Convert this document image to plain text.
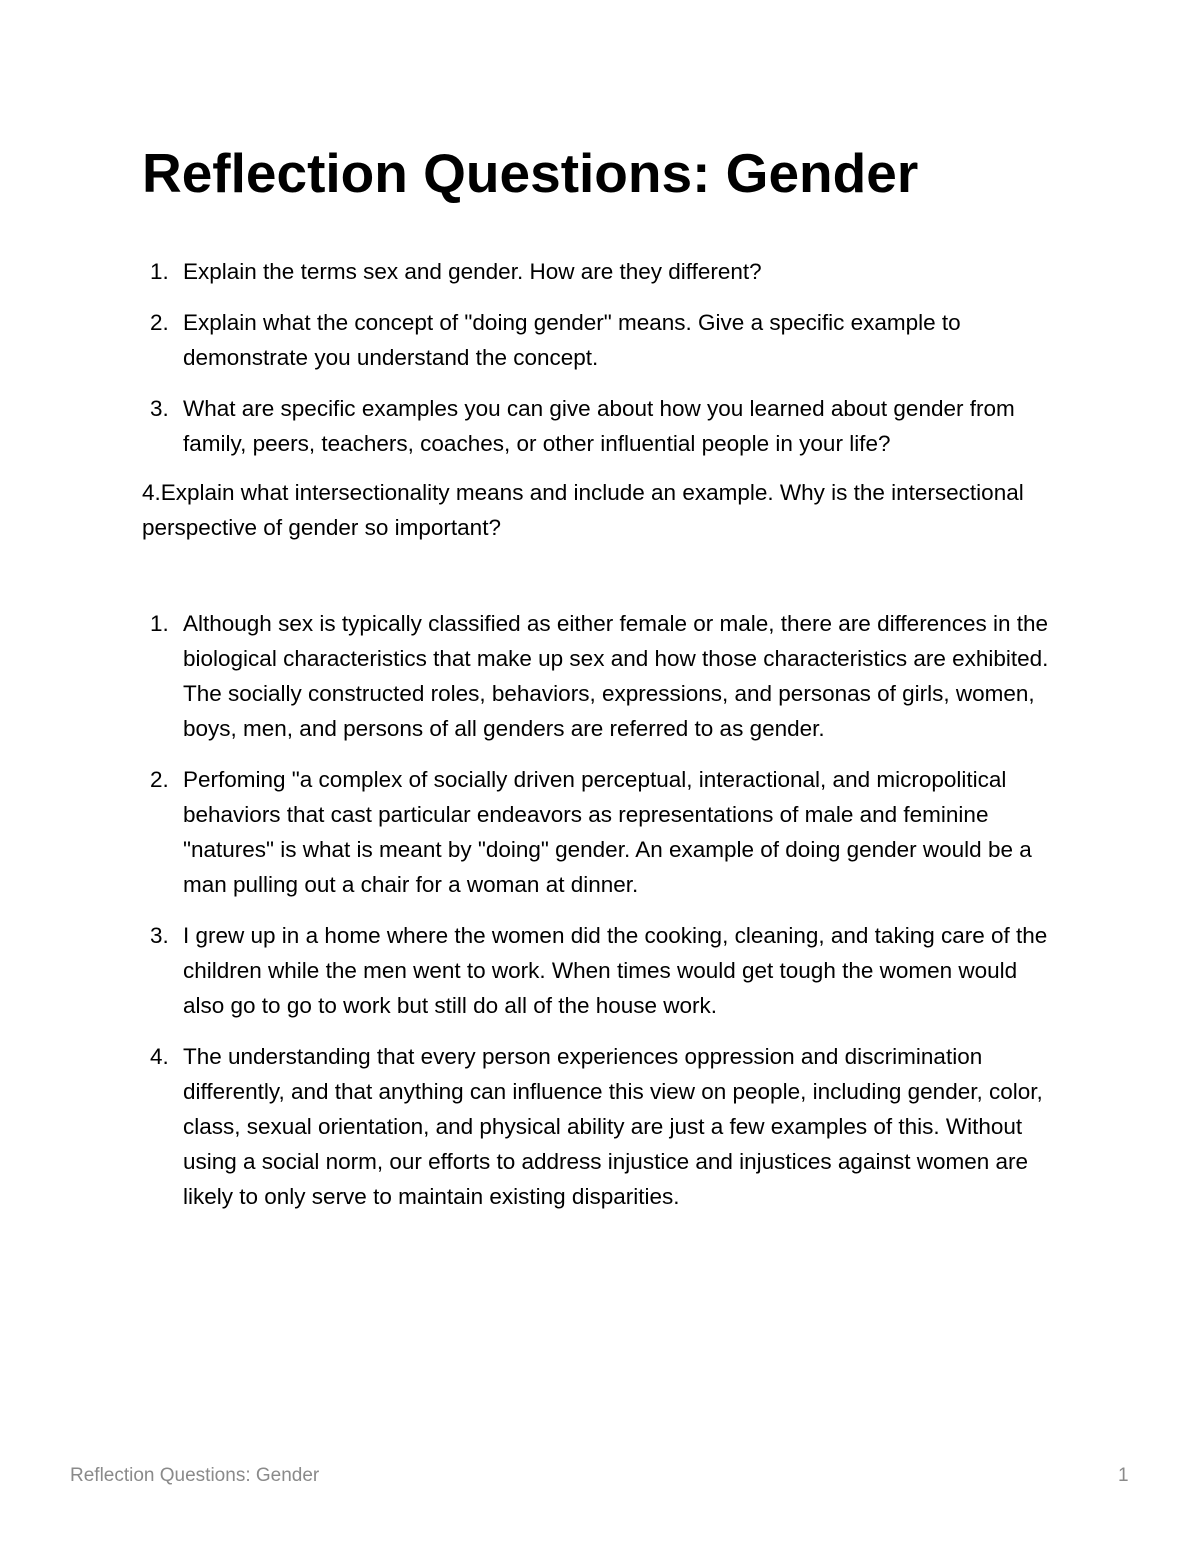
Reflection Questions: Gender
1. Explain the terms sex and gender. How are they different?
2. Explain what the concept of "doing gender" means. Give a specific example to demonstrate you understand the concept.
3. What are specific examples you can give about how you learned about gender from family, peers, teachers, coaches, or other influential people in your life?

4.Explain what intersectionality means and include an example. Why is the intersectional perspective of gender so important?

1. Although sex is typically classified as either female or male, there are differences in the biological characteristics that make up sex and how those characteristics are exhibited. The socially constructed roles, behaviors, expressions, and personas of girls, women, boys, men, and persons of all genders are referred to as gender.
2. Perfoming "a complex of socially driven perceptual, interactional, and micropolitical behaviors that cast particular endeavors as representations of male and feminine "natures" is what is meant by "doing" gender. An example of doing gender would be a man pulling out a chair for a woman at dinner.
3. I grew up in a home where the women did the cooking, cleaning, and taking care of the children while the men went to work. When times would get tough the women would also go to go to work but still do all of the house work.
4. The understanding that every person experiences oppression and discrimination differently, and that anything can influence this view on people, including gender, color, class, sexual orientation, and physical ability are just a few examples of this. Without using a social norm, our efforts to address injustice and injustices against women are likely to only serve to maintain existing disparities.
Reflection Questions: Gender	1
